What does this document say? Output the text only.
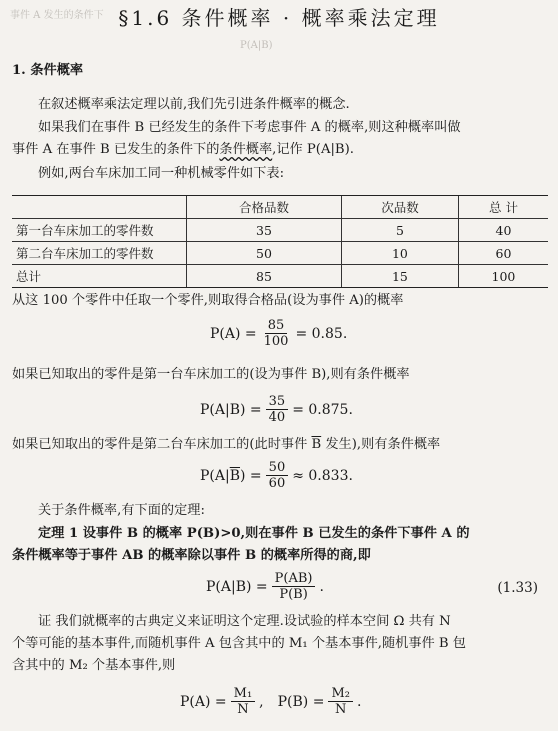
事件 A 发生的条件下
P(A|B)
§1.6 条件概率 · 概率乘法定理
1. 条件概率
在叙述概率乘法定理以前,我们先引进条件概率的概念.
如果我们在事件 B 已经发生的条件下考虑事件 A 的概率,则这种概率叫做
事件 A 在事件 B 已发生的条件下的条件概率,记作 P(A|B).
例如,两台车床加工同一种机械零件如下表:
	合格品数	次品数	总 计
第一台车床加工的零件数	35	5	40
第二台车床加工的零件数	50	10	60
总计	85	15	100
从这 100 个零件中任取一个零件,则取得合格品(设为事件 A)的概率
$P(A) = \frac{85}{100} = 0.85$.
如果已知取出的零件是第一台车床加工的(设为事件 B),则有条件概率
$P(A|B) = \frac{35}{40} = 0.875$.
如果已知取出的零件是第二台车床加工的(此时事件 $\overline{B}$ 发生),则有条件概率
P(A| $\overline{B}$ ) = $\frac{50}{60} \approx 0.833$.
关于条件概率,有下面的定理:
定理 1 设事件 B 的概率 P(B)>0,则在事件 B 已发生的条件下事件 A 的
条件概率等于事件 AB 的概率除以事件 B 的概率所得的商,即
$P(A|B) = \frac{P(AB)}{P(B)}$ .	(1.33)
证 我们就概率的古典定义来证明这个定理.设试验的样本空间 Ω 共有 N
个等可能的基本事件,而随机事件 A 包含其中的 M₁ 个基本事件,随机事件 B 包
含其中的 M₂ 个基本事件,则
$P(A) = \frac{\text{M₁}}{N}$ , $P(B) = \frac{\text{M₂}}{N}$ .
